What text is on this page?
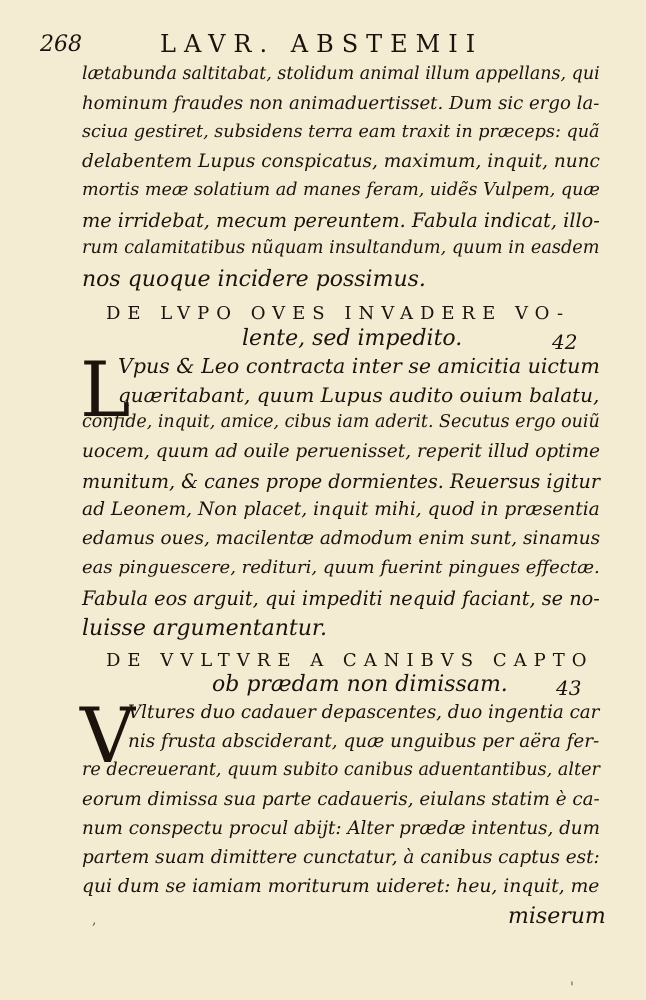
268	LAVR. ABSTEMII
lætabunda saltitabat, stolidum animal illum appellans, qui
hominum fraudes non animaduertisset. Dum sic ergo la-
sciua gestiret, subsidens terra eam traxit in præceps: quã
delabentem Lupus conspicatus, maximum, inquit, nunc
mortis meæ solatium ad manes feram, uidẽs Vulpem, quæ
me irridebat, mecum pereuntem. Fabula indicat, illo-
rum calamitatibus nũquam insultandum, quum in easdem
nos quoque incidere possimus.
DE LVPO OVES INVADERE VO-
lente, sed impedito.	42
L
Vpus & Leo contracta inter se amicitia uictum
quæritabant, quum Lupus audito ouium balatu,
confide, inquit, amice, cibus iam aderit. Secutus ergo ouiũ
uocem, quum ad ouile peruenisset, reperit illud optime
munitum, & canes prope dormientes. Reuersus igitur
ad Leonem, Non placet, inquit mihi, quod in præsentia
edamus oues, macilentæ admodum enim sunt, sinamus
eas pinguescere, redituri, quum fuerint pingues effectæ.
Fabula eos arguit, qui impediti nequid faciant, se no-
luisse argumentantur.
DE VVLTVRE A CANIBVS CAPTO
ob prædam non dimissam. 43
V
Vltures duo cadauer depascentes, duo ingentia car
nis frusta absciderant, quæ unguibus per aëra fer-
re decreuerant, quum subito canibus aduentantibus, alter
eorum dimissa sua parte cadaueris, eiulans statim è ca-
num conspectu procul abijt: Alter prædæ intentus, dum
partem suam dimittere cunctatur, à canibus captus est:
qui dum se iamiam moriturum uideret: heu, inquit, me
miserum
,
'
